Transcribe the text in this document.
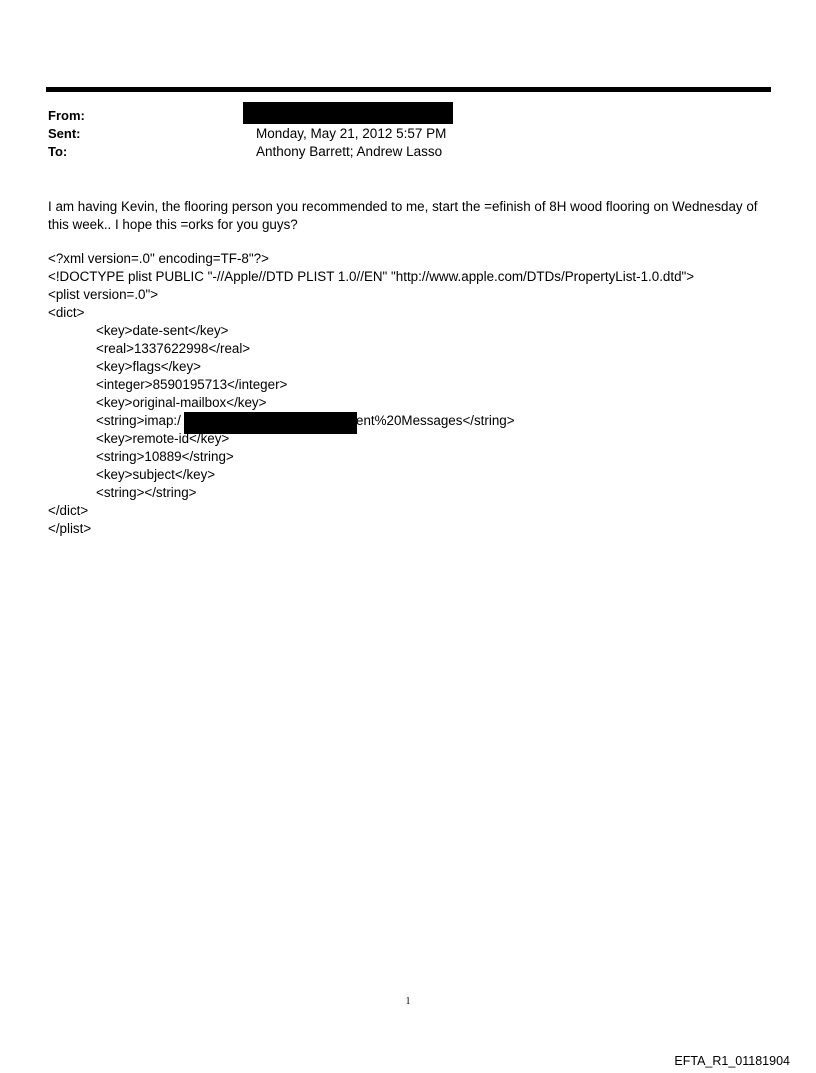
From:
Sent:	Monday, May 21, 2012 5:57 PM
To:	Anthony Barrett; Andrew Lasso
I am having Kevin, the flooring person you recommended to me, start the =efinish of 8H wood flooring on Wednesday of this week.. I hope this =orks for you guys?
<?xml version=.0" encoding=TF-8"?>
<!DOCTYPE plist PUBLIC "-//Apple//DTD PLIST 1.0//EN" "http://www.apple.com/DTDs/PropertyList-1.0.dtd">
<plist version=.0">
<dict>
<key>date-sent</key>
<real>1337622998</real>
<key>flags</key>
<integer>8590195713</integer>
<key>original-mailbox</key>
<string>imap:/	ent%20Messages</string>
<key>remote-id</key>
<string>10889</string>
<key>subject</key>
<string></string>
</dict>
</plist>
1
EFTA_R1_01181904
